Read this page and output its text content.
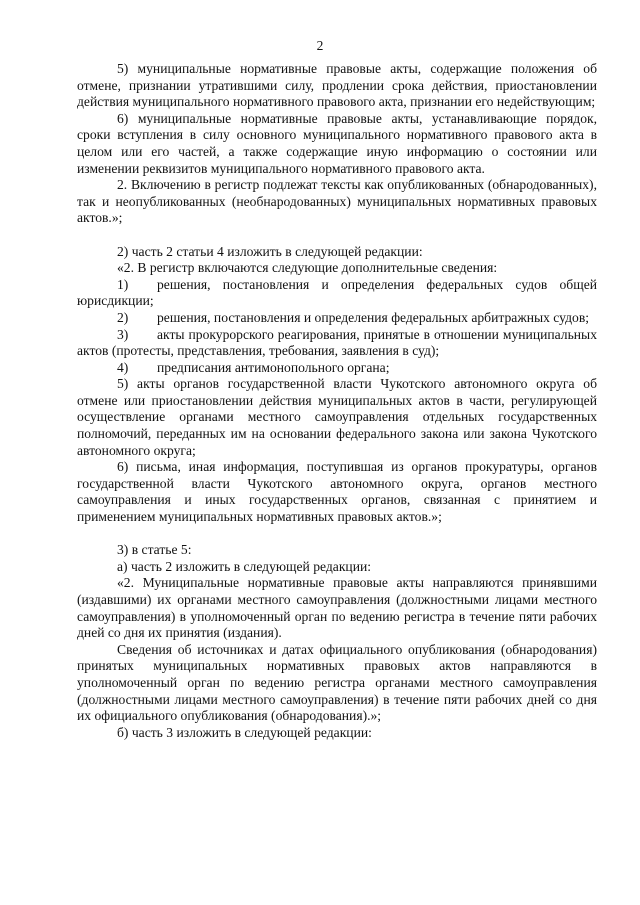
2

5) муниципальные нормативные правовые акты, содержащие положения об отмене, признании утратившими силу, продлении срока действия, приостановлении действия муниципального нормативного правового акта, признании его недействующим;

6) муниципальные нормативные правовые акты, устанавливающие порядок, сроки вступления в силу основного муниципального нормативного правового акта в целом или его частей, а также содержащие иную информацию о состоянии или изменении реквизитов муниципального нормативного правового акта.

2. Включению в регистр подлежат тексты как опубликованных (обнародованных), так и неопубликованных (необнародованных) муниципальных нормативных правовых актов.»;

2) часть 2 статьи 4 изложить в следующей редакции:

«2. В регистр включаются следующие дополнительные сведения:

1) решения, постановления и определения федеральных судов общей юрисдикции;

2) решения, постановления и определения федеральных арбитражных судов;

3) акты прокурорского реагирования, принятые в отношении муниципальных актов (протесты, представления, требования, заявления в суд);

4) предписания антимонопольного органа;

5) акты органов государственной власти Чукотского автономного округа об отмене или приостановлении действия муниципальных актов в части, регулирующей осуществление органами местного самоуправления отдельных государственных полномочий, переданных им на основании федерального закона или закона Чукотского автономного округа;

6) письма, иная информация, поступившая из органов прокуратуры, органов государственной власти Чукотского автономного округа, органов местного самоуправления и иных государственных органов, связанная с принятием и применением муниципальных нормативных правовых актов.»;

3) в статье 5:

а) часть 2 изложить в следующей редакции:

«2. Муниципальные нормативные правовые акты направляются принявшими (издавшими) их органами местного самоуправления (должностными лицами местного самоуправления) в уполномоченный орган по ведению регистра в течение пяти рабочих дней со дня их принятия (издания).

Сведения об источниках и датах официального опубликования (обнародования) принятых муниципальных нормативных правовых актов направляются в уполномоченный орган по ведению регистра органами местного самоуправления (должностными лицами местного самоуправления) в течение пяти рабочих дней со дня их официального опубликования (обнародования).»;

б) часть 3 изложить в следующей редакции:
